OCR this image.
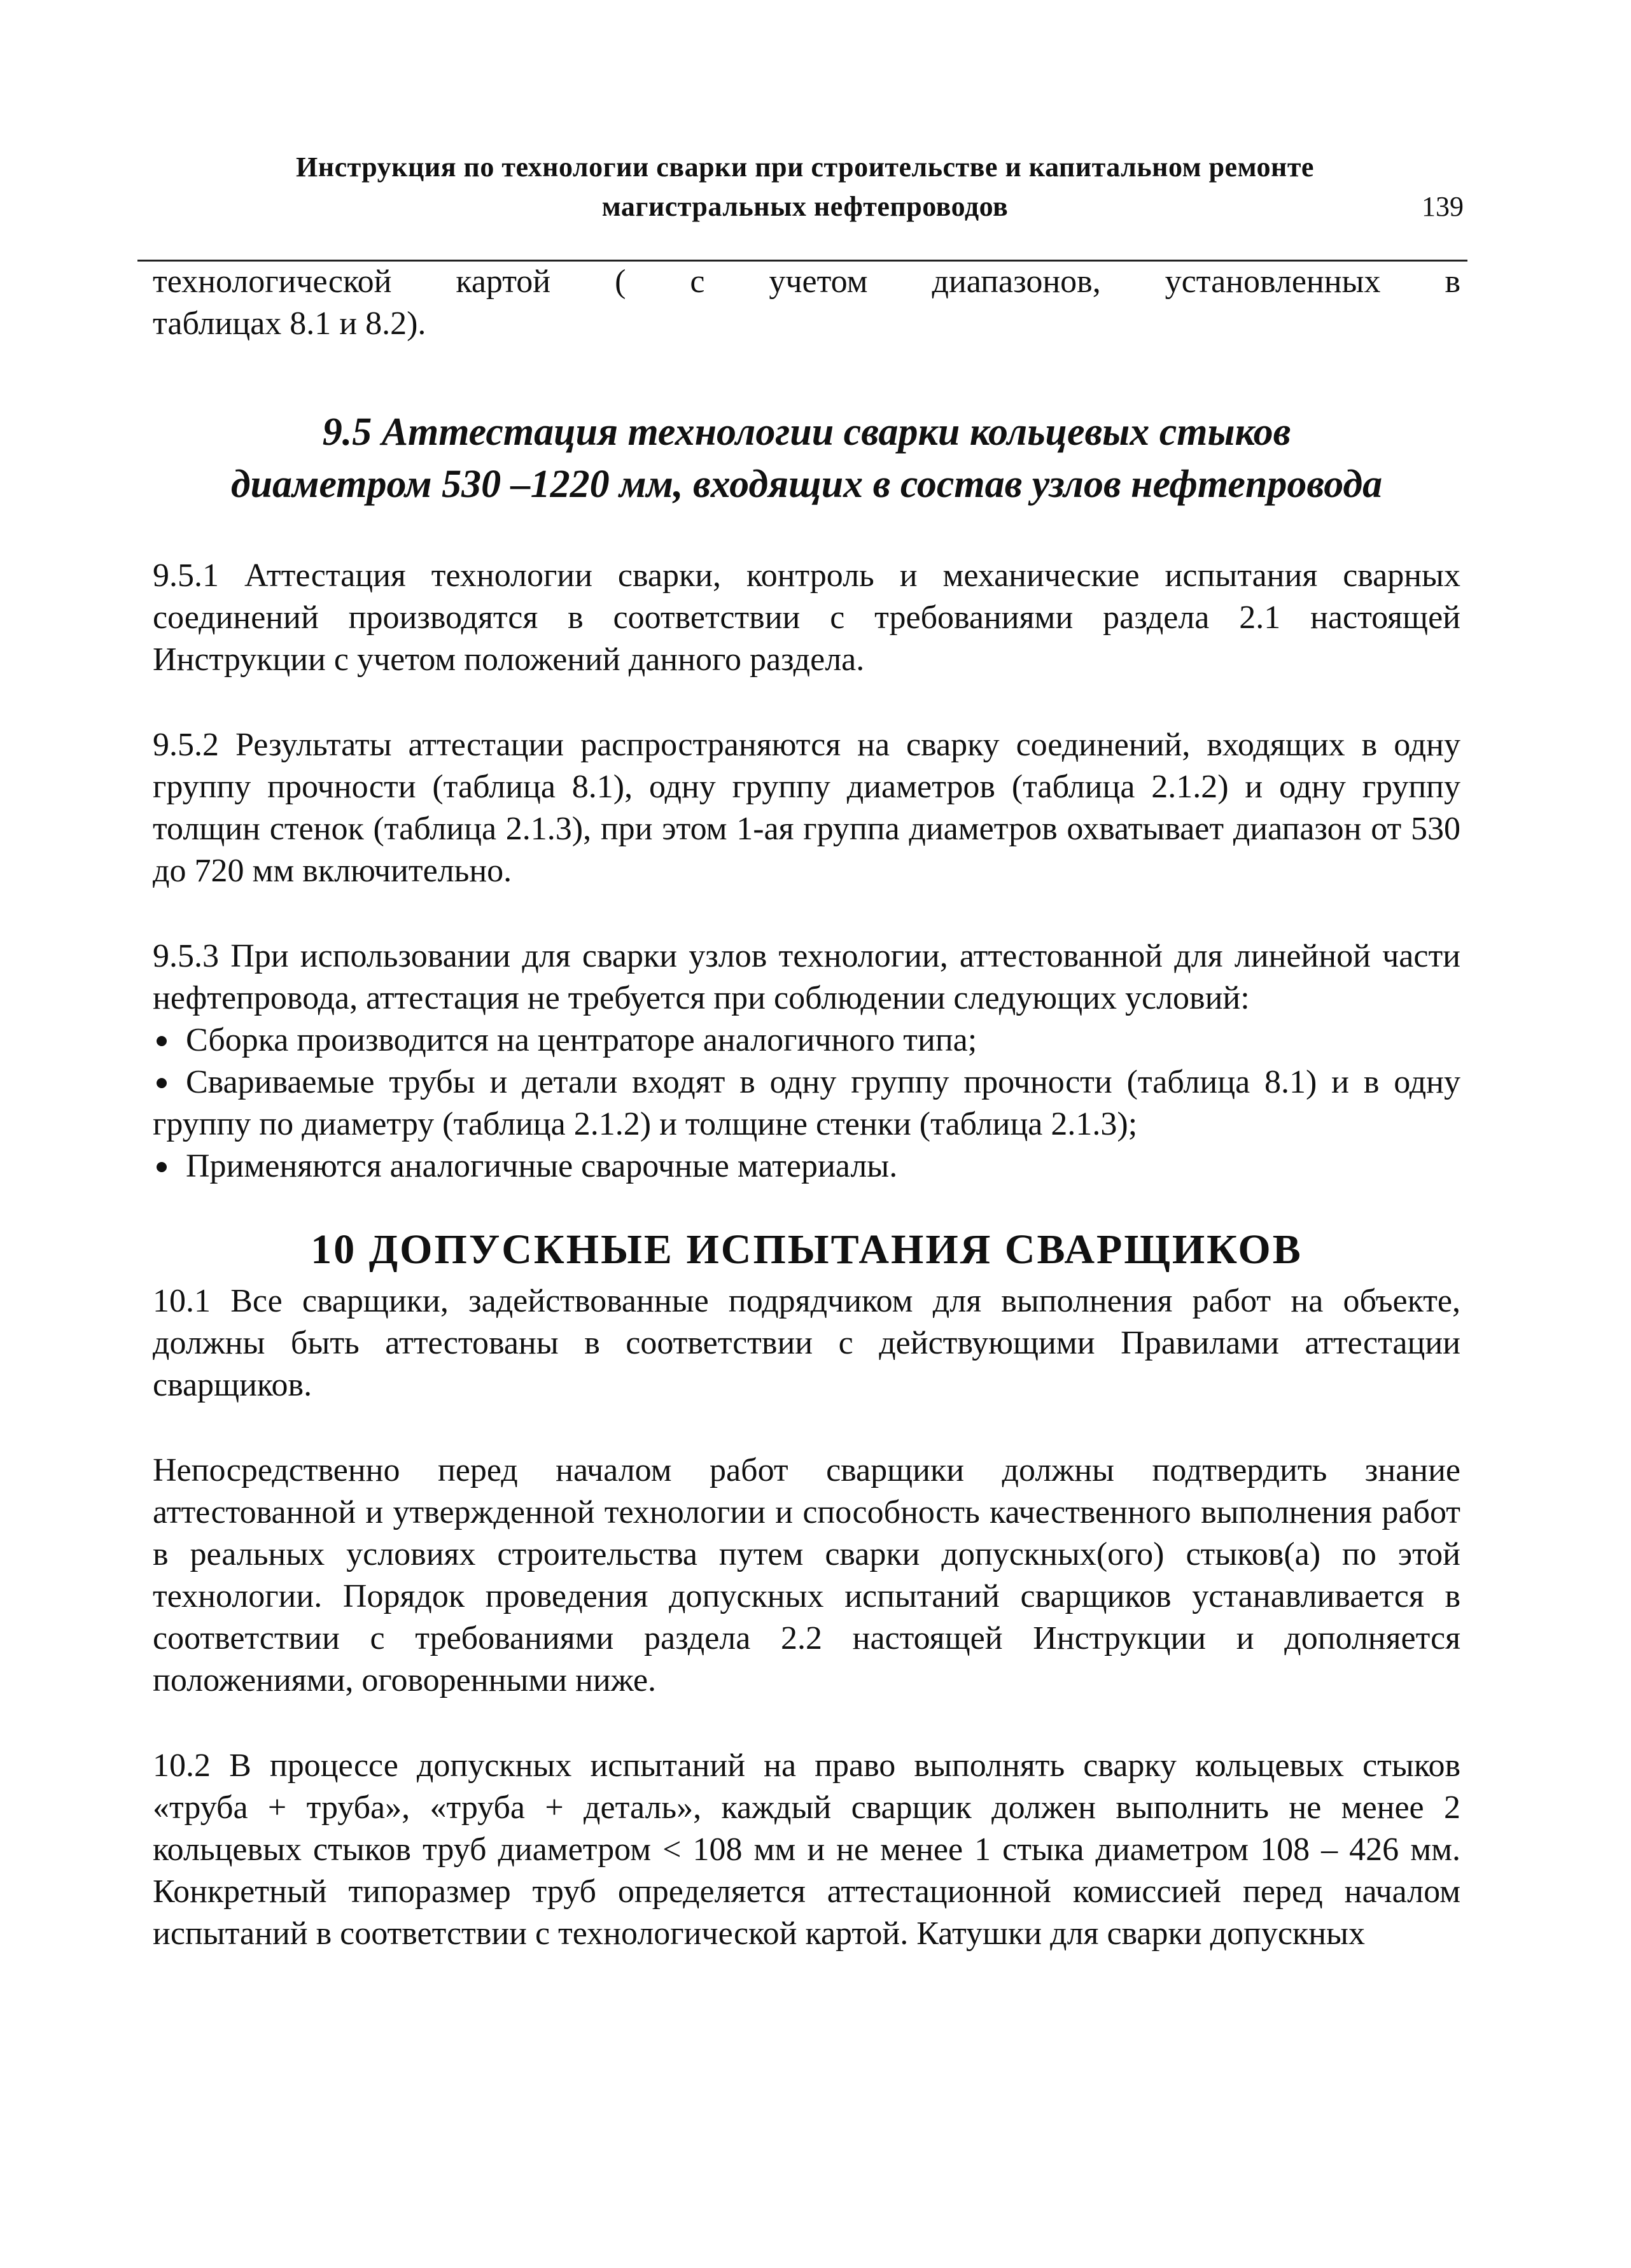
Инструкция по технологии сварки при строительстве и капитальном ремонте
магистральных нефтепроводов	139

технологической картой ( с учетом диапазонов, установленных в

таблицах 8.1 и 8.2).

9.5 Аттестация технологии сварки кольцевых стыков
диаметром 530 –1220 мм, входящих в состав узлов нефтепровода

9.5.1 Аттестация технологии сварки, контроль и механические испытания сварных соединений производятся в соответствии с требованиями раздела 2.1 настоящей Инструкции с учетом положений данного раздела.

9.5.2 Результаты аттестации распространяются на сварку соединений, входящих в одну группу прочности (таблица 8.1), одну группу диаметров (таблица 2.1.2) и одну группу толщин стенок (таблица 2.1.3), при этом 1-ая группа диаметров охватывает диапазон от 530 до 720 мм включительно.

9.5.3 При использовании для сварки узлов технологии, аттестованной для линейной части нефтепровода, аттестация не требуется при соблюдении следующих условий:

Сборка производится на центраторе аналогичного типа;
Свариваемые трубы и детали входят в одну группу прочности (таблица 8.1) и в одну группу по диаметру (таблица 2.1.2) и толщине стенки (таблица 2.1.3);
Применяются аналогичные сварочные материалы.
10 ДОПУСКНЫЕ ИСПЫТАНИЯ СВАРЩИКОВ

10.1 Все сварщики, задействованные подрядчиком для выполнения работ на объекте, должны быть аттестованы в соответствии с действующими Правилами аттестации сварщиков.

Непосредственно перед началом работ сварщики должны подтвердить знание аттестованной и утвержденной технологии и способность качественного выполнения работ в реальных условиях строительства путем сварки допускных(ого) стыков(а) по этой технологии. Порядок проведения допускных испытаний сварщиков устанавливается в соответствии с требованиями раздела 2.2 настоящей Инструкции и дополняется положениями, оговоренными ниже.

10.2 В процессе допускных испытаний на право выполнять сварку кольцевых стыков «труба + труба», «труба + деталь», каждый сварщик должен выполнить не менее 2 кольцевых стыков труб диаметром < 108 мм и не менее 1 стыка диаметром 108 – 426 мм. Конкретный типоразмер труб определяется аттестационной комиссией перед началом испытаний в соответствии с технологической картой. Катушки для сварки допускных
